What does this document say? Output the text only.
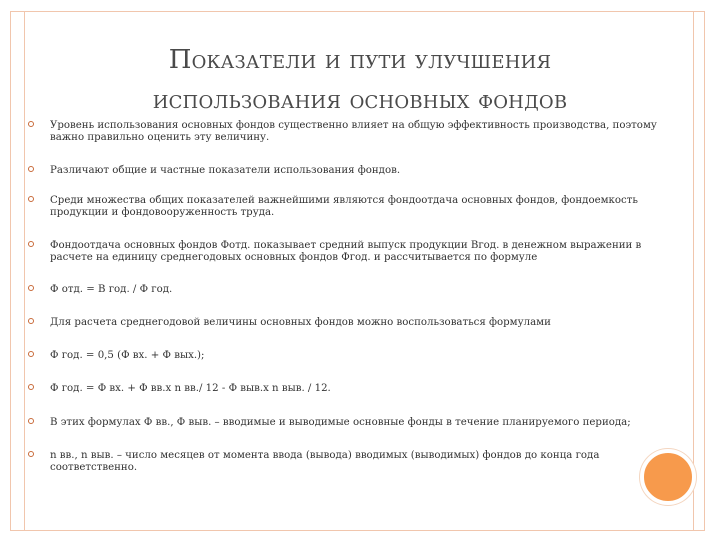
Показатели и пути улучшения
использования основных фондов
Уровень использования основных фондов существенно влияет на общую эффективность производства, поэтому важно правильно оценить эту величину.
Различают общие и частные показатели использования фондов.
Среди множества общих показателей важнейшими являются фондоотдача основных фондов, фондоемкость продукции и фондовооруженность труда.
Фондоотдача основных фондов Фотд. показывает средний выпуск продукции Вгод. в денежном выражении в расчете на единицу среднегодовых основных фондов Фгод. и рассчитывается по формуле
Ф отд. = В год. / Ф год.
Для расчета среднегодовой величины основных фондов можно воспользоваться формулами
Ф год. = 0,5 (Ф вх. + Ф вых.);
Ф год. = Ф вх. + Ф вв.х n вв./ 12 - Ф выв.х n выв. / 12.
В этих формулах Ф вв., Ф выв. – вводимые и выводимые основные фонды в течение планируемого периода;
n вв., n выв. – число месяцев от момента ввода (вывода) вводимых (выводимых) фондов до конца года соответственно.
